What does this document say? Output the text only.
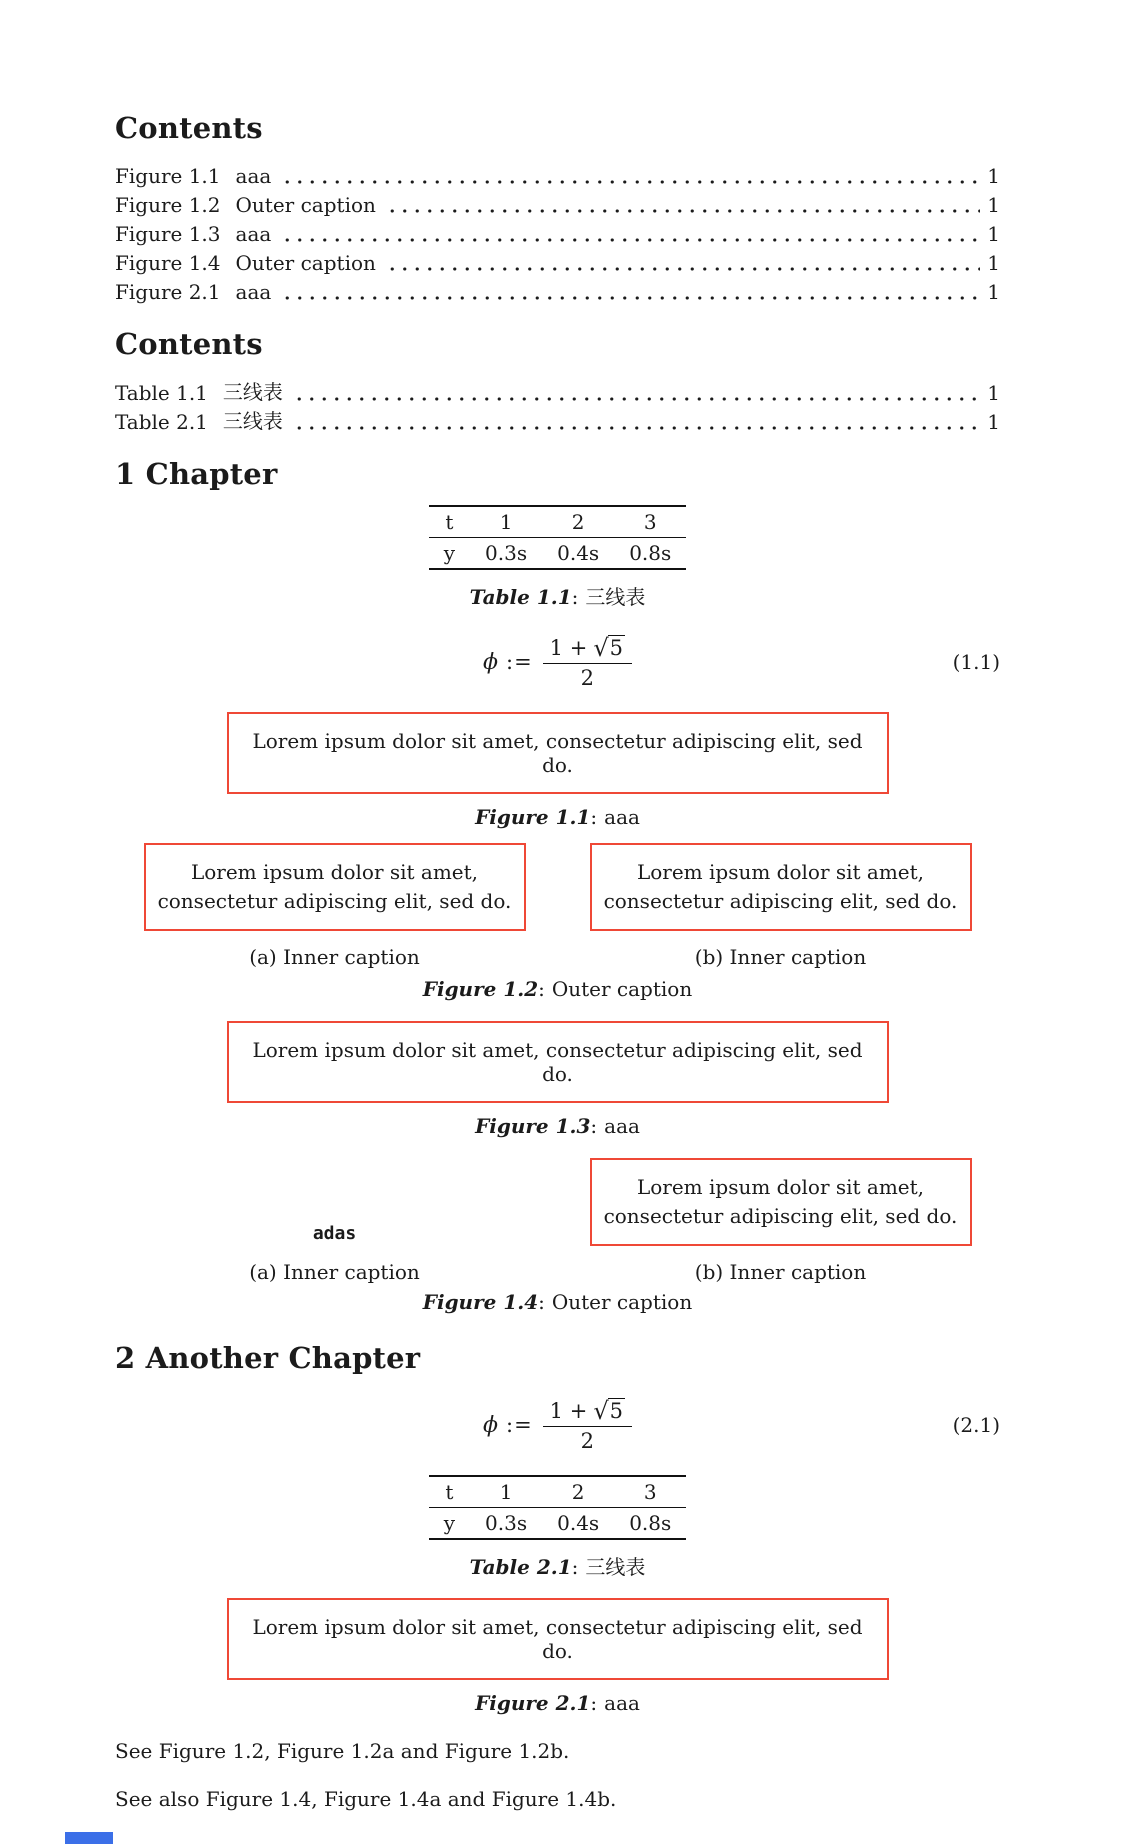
Contents
Figure 1.1 aaa	1
Figure 1.2 Outer caption	1
Figure 1.3 aaa	1
Figure 1.4 Outer caption	1
Figure 2.1 aaa	1
Contents
Table 1.1 三线表	1
Table 2.1 三线表	1
1 Chapter
t	1	2	3
y	0.3s	0.4s	0.8s
Table 1.1: 三线表
ϕ := $\frac{1 + √ 5}{2}$	(1.1)
Lorem ipsum dolor sit amet, consectetur adipiscing elit, sed do.
Figure 1.1: aaa
Lorem ipsum dolor sit amet,
consectetur adipiscing elit, sed do.
(a) Inner caption
Lorem ipsum dolor sit amet,
consectetur adipiscing elit, sed do.
(b) Inner caption
Figure 1.2: Outer caption
Lorem ipsum dolor sit amet, consectetur adipiscing elit, sed do.
Figure 1.3: aaa
adas
(a) Inner caption
Lorem ipsum dolor sit amet,
consectetur adipiscing elit, sed do.
(b) Inner caption
Figure 1.4: Outer caption
2 Another Chapter
ϕ := $\frac{1 + √ 5}{2}$	(2.1)
t	1	2	3
y	0.3s	0.4s	0.8s
Table 2.1: 三线表
Lorem ipsum dolor sit amet, consectetur adipiscing elit, sed do.
Figure 2.1: aaa

See Figure 1.2, Figure 1.2a and Figure 1.2b.

See also Figure 1.4, Figure 1.4a and Figure 1.4b.
